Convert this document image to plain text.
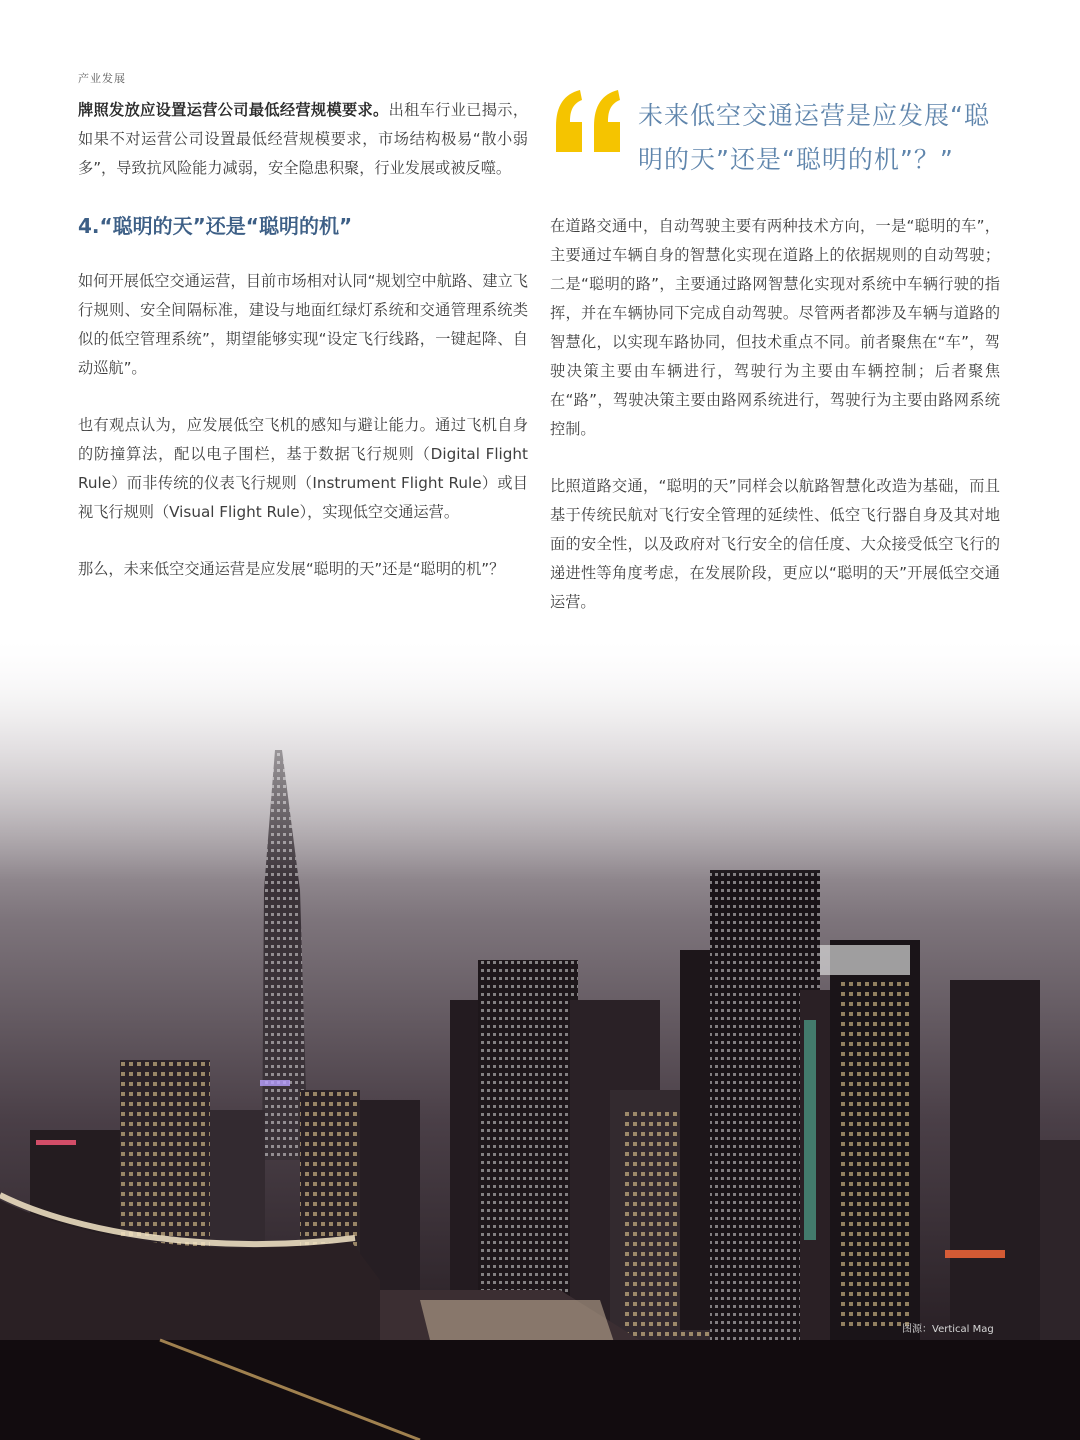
产业发展

牌照发放应设置运营公司最低经营规模要求。出租车行业已揭示，如果不对运营公司设置最低经营规模要求，市场结构极易“散小弱多”，导致抗风险能力减弱，安全隐患积聚，行业发展或被反噬。

4.“聪明的天”还是“聪明的机”

如何开展低空交通运营，目前市场相对认同“规划空中航路、建立飞行规则、安全间隔标准，建设与地面红绿灯系统和交通管理系统类似的低空管理系统”，期望能够实现“设定飞行线路，一键起降、自动巡航”。

也有观点认为，应发展低空飞机的感知与避让能力。通过飞机自身的防撞算法，配以电子围栏，基于数据飞行规则（Digital Flight Rule）而非传统的仪表飞行规则（Instrument Flight Rule）或目视飞行规则（Visual Flight Rule），实现低空交通运营。

那么，未来低空交通运营是应发展“聪明的天”还是“聪明的机”？

未来低空交通运营是应发展“聪明的天”还是“聪明的机”？”

在道路交通中，自动驾驶主要有两种技术方向，一是“聪明的车”，主要通过车辆自身的智慧化实现在道路上的依据规则的自动驾驶；二是“聪明的路”，主要通过路网智慧化实现对系统中车辆行驶的指挥，并在车辆协同下完成自动驾驶。尽管两者都涉及车辆与道路的智慧化，以实现车路协同，但技术重点不同。前者聚焦在“车”，驾驶决策主要由车辆进行，驾驶行为主要由车辆控制；后者聚焦在“路”，驾驶决策主要由路网系统进行，驾驶行为主要由路网系统控制。

比照道路交通，“聪明的天”同样会以航路智慧化改造为基础，而且基于传统民航对飞行安全管理的延续性、低空飞行器自身及其对地面的安全性，以及政府对飞行安全的信任度、大众接受低空飞行的递进性等角度考虑，在发展阶段，更应以“聪明的天”开展低空交通运营。

图源：Vertical Mag
